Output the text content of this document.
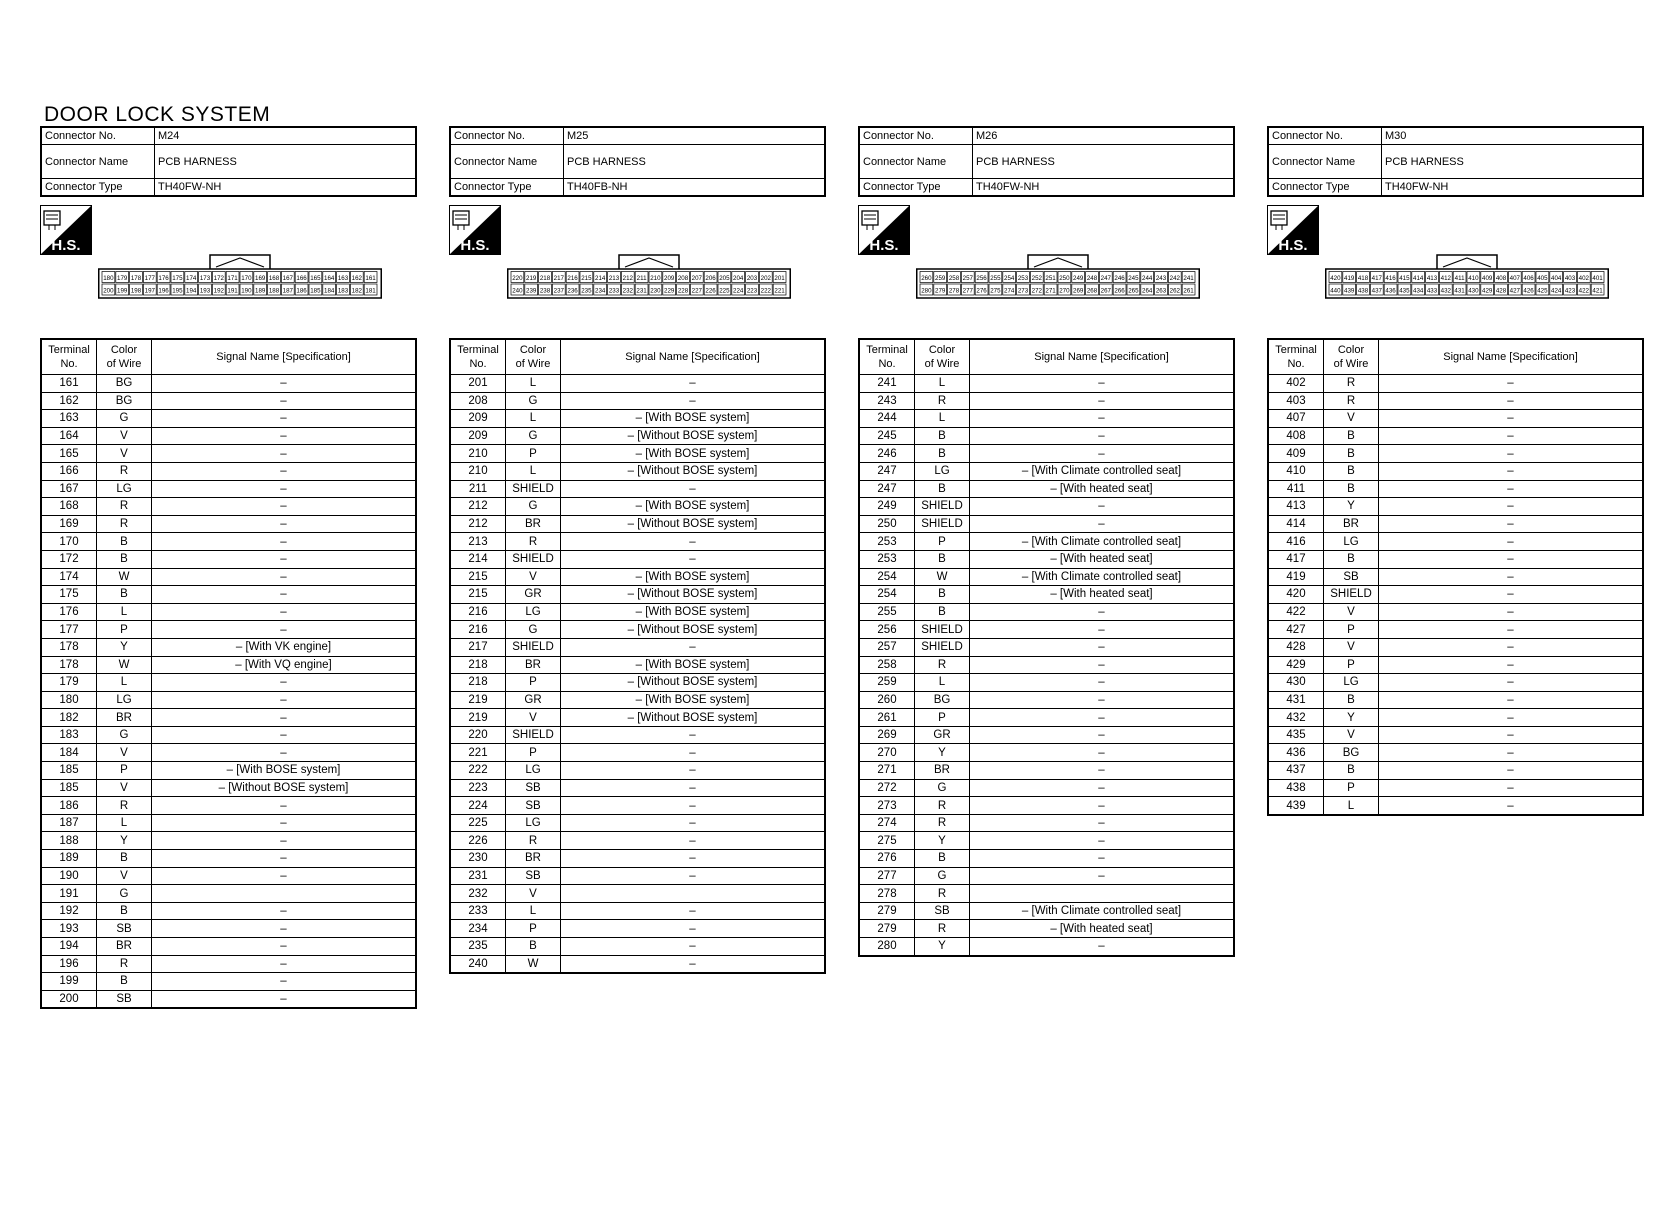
DOOR LOCK SYSTEM
Connector No.	M24
Connector Name	PCB HARNESS
Connector Type	TH40FW-NH
H.S.
180 179 178 177 176 175 174 173 172 171 170 169 168 167 166 165 164 163 162 161
200 199 198 197 196 195 194 193 192 191 190 189 188 187 186 185 184 183 182 181
Terminal
No.	Color
of Wire	Signal Name [Specification]
161	BG	–
162	BG	–
163	G	–
164	V	–
165	V	–
166	R	–
167	LG	–
168	R	–
169	R	–
170	B	–
172	B	–
174	W	–
175	B	–
176	L	–
177	P	–
178	Y	– [With VK engine]
178	W	– [With VQ engine]
179	L	–
180	LG	–
182	BR	–
183	G	–
184	V	–
185	P	– [With BOSE system]
185	V	– [Without BOSE system]
186	R	–
187	L	–
188	Y	–
189	B	–
190	V	–
191	G	
192	B	–
193	SB	–
194	BR	–
196	R	–
199	B	–
200	SB	–
Connector No.	M25
Connector Name	PCB HARNESS
Connector Type	TH40FB-NH
H.S.
220 219 218 217 216 215 214 213 212 211 210 209 208 207 206 205 204 203 202 201
240 239 238 237 236 235 234 233 232 231 230 229 228 227 226 225 224 223 222 221
Terminal
No.	Color
of Wire	Signal Name [Specification]
201	L	–
208	G	–
209	L	– [With BOSE system]
209	G	– [Without BOSE system]
210	P	– [With BOSE system]
210	L	– [Without BOSE system]
211	SHIELD	–
212	G	– [With BOSE system]
212	BR	– [Without BOSE system]
213	R	–
214	SHIELD	–
215	V	– [With BOSE system]
215	GR	– [Without BOSE system]
216	LG	– [With BOSE system]
216	G	– [Without BOSE system]
217	SHIELD	–
218	BR	– [With BOSE system]
218	P	– [Without BOSE system]
219	GR	– [With BOSE system]
219	V	– [Without BOSE system]
220	SHIELD	–
221	P	–
222	LG	–
223	SB	–
224	SB	–
225	LG	–
226	R	–
230	BR	–
231	SB	–
232	V	
233	L	–
234	P	–
235	B	–
240	W	–
Connector No.	M26
Connector Name	PCB HARNESS
Connector Type	TH40FW-NH
H.S.
260 259 258 257 256 255 254 253 252 251 250 249 248 247 246 245 244 243 242 241
280 279 278 277 276 275 274 273 272 271 270 269 268 267 266 265 264 263 262 261
Terminal
No.	Color
of Wire	Signal Name [Specification]
241	L	–
243	R	–
244	L	–
245	B	–
246	B	–
247	LG	– [With Climate controlled seat]
247	B	– [With heated seat]
249	SHIELD	–
250	SHIELD	–
253	P	– [With Climate controlled seat]
253	B	– [With heated seat]
254	W	– [With Climate controlled seat]
254	B	– [With heated seat]
255	B	–
256	SHIELD	–
257	SHIELD	–
258	R	–
259	L	–
260	BG	–
261	P	–
269	GR	–
270	Y	–
271	BR	–
272	G	–
273	R	–
274	R	–
275	Y	–
276	B	–
277	G	–
278	R	
279	SB	– [With Climate controlled seat]
279	R	– [With heated seat]
280	Y	–
Connector No.	M30
Connector Name	PCB HARNESS
Connector Type	TH40FW-NH
H.S.
420 419 418 417 416 415 414 413 412 411 410 409 408 407 406 405 404 403 402 401
440 439 438 437 436 435 434 433 432 431 430 429 428 427 426 425 424 423 422 421
Terminal
No.	Color
of Wire	Signal Name [Specification]
402	R	–
403	R	–
407	V	–
408	B	–
409	B	–
410	B	–
411	B	–
413	Y	–
414	BR	–
416	LG	–
417	B	–
419	SB	–
420	SHIELD	–
422	V	–
427	P	–
428	V	–
429	P	–
430	LG	–
431	B	–
432	Y	–
435	V	–
436	BG	–
437	B	–
438	P	–
439	L	–
